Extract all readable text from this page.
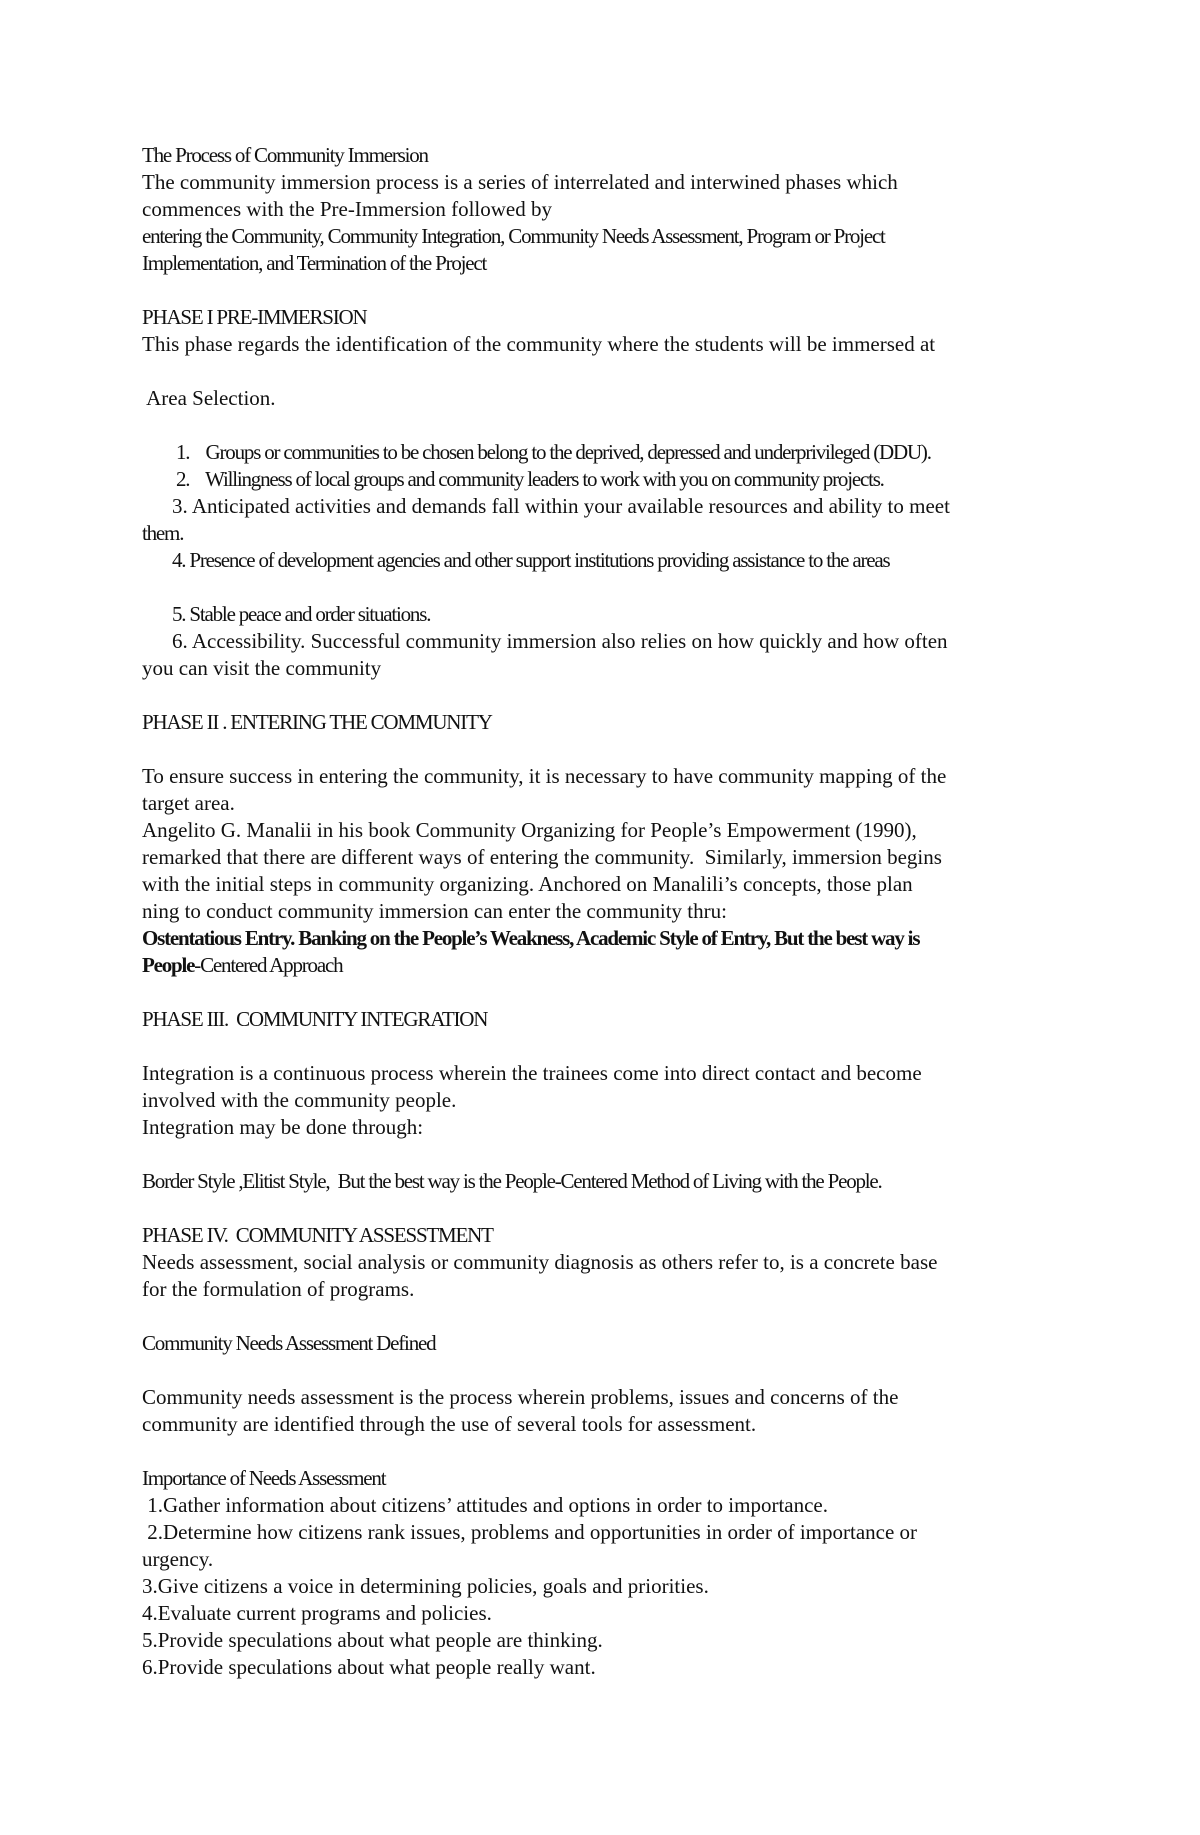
The Process of Community Immersion
The community immersion process is a series of interrelated and interwined phases which
commences with the Pre-Immersion followed by
entering the Community, Community Integration, Community Needs Assessment, Program or Project
Implementation, and Termination of the Project
PHASE I PRE-IMMERSION
This phase regards the identification of the community where the students will be immersed at
Area Selection.
1.    Groups or communities to be chosen belong to the deprived, depressed and underprivileged (DDU).
2.    Willingness of local groups and community leaders to work with you on community projects.
3. Anticipated activities and demands fall within your available resources and ability to meet
them.
4. Presence of development agencies and other support institutions providing assistance to the areas
5. Stable peace and order situations.
6. Accessibility. Successful community immersion also relies on how quickly and how often
you can visit the community
PHASE II . ENTERING THE COMMUNITY
To ensure success in entering the community, it is necessary to have community mapping of the
target area.
Angelito G. Manalii in his book Community Organizing for People’s Empowerment (1990),
remarked that there are different ways of entering the community.  Similarly, immersion begins
with the initial steps in community organizing. Anchored on Manalili’s concepts, those plan
ning to conduct community immersion can enter the community thru:
Ostentatious Entry. Banking on the People’s Weakness, Academic Style of Entry, But the best way is
People-Centered Approach
PHASE III.  COMMUNITY INTEGRATION
Integration is a continuous process wherein the trainees come into direct contact and become
involved with the community people.
Integration may be done through:
Border Style ,Elitist Style,  But the best way is the People-Centered Method of Living with the People.
PHASE IV.  COMMUNITY ASSESSTMENT
Needs assessment, social analysis or community diagnosis as others refer to, is a concrete base
for the formulation of programs.
Community Needs Assessment Defined
Community needs assessment is the process wherein problems, issues and concerns of the
community are identified through the use of several tools for assessment.
Importance of Needs Assessment
1.Gather information about citizens’ attitudes and options in order to importance.
2.Determine how citizens rank issues, problems and opportunities in order of importance or
urgency.
3.Give citizens a voice in determining policies, goals and priorities.
4.Evaluate current programs and policies.
5.Provide speculations about what people are thinking.
6.Provide speculations about what people really want.
